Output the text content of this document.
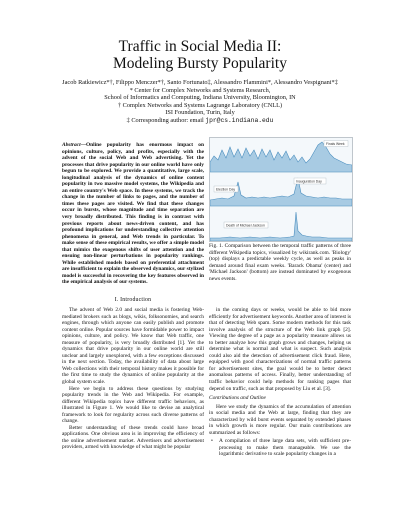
Traffic in Social Media II:
Modeling Bursty Popularity
Jacob Ratkiewicz*†, Filippo Menczer*†, Santo Fortunato‡, Alessandro Flammini*, Alessandro Vespignani*‡
* Center for Complex Networks and Systems Research,
School of Informatics and Computing, Indiana University, Bloomington, IN
† Complex Networks and Systems Lagrange Laboratory (CNLL)
ISI Foundation, Turin, Italy
‡ Corresponding author: email jpr@cs.indiana.edu
Abstract—Online popularity has enormous impact on opinions, culture, policy, and profits, especially with the advent of the social Web and Web advertising. Yet the processes that drive popularity in our online world have only begun to be explored. We provide a quantitative, large scale, longitudinal analysis of the dynamics of online content popularity in two massive model systems, the Wikipedia and an entire country's Web space. In these systems, we track the change in the number of links to pages, and the number of times these pages are visited. We find that these changes occur in bursts, whose magnitude and time separation are very broadly distributed. This finding is in contrast with previous reports about news-driven content, and has profound implications for understanding collective attention phenomena in general, and Web trends in particular. To make sense of these empirical results, we offer a simple model that mimics the exogenous shifts of user attention and the ensuing non-linear perturbations in popularity rankings. While established models based on preferential attachment are insufficient to explain the observed dynamics, our stylized model is successful in recovering the key features observed in the empirical analysis of our systems.
Finals Week
Election Day
Inauguration Day
Death of Michael Jackson
Fig. 1. Comparison between the temporal traffic patterns of three different Wikipedia topics, visualized by wikirank.com. 'Biology' (top) displays a predictable weekly cycle, as well as peaks in demand around final exam weeks. 'Barack Obama' (center) and 'Michael Jackson' (bottom) are instead dominated by exogenous news events.
I. Introduction

The advent of Web 2.0 and social media is fostering Web-mediated brokers such as blogs, wikis, folksonomies, and search engines, through which anyone can easily publish and promote content online. Popular sources have formidable power to impact opinions, culture, and policy. We know that Web traffic, one measure of popularity, is very broadly distributed [1]. Yet the dynamics that drive popularity in our online world are still unclear and largely unexplored, with a few exceptions discussed in the next section. Today, the availability of data about large Web collections with their temporal history makes it possible for the first time to study the dynamics of online popularity at the global system scale.

Here we begin to address these questions by studying popularity trends in the Web and Wikipedia. For example, different Wikipedia topics have different traffic behaviors, as illustrated in Figure 1. We would like to devise an analytical framework to look for regularity across such diverse patterns of change.

Better understanding of these trends could have broad applications. One obvious area is in improving the efficiency of the online advertisement market. Advertisers and advertisement providers, armed with knowledge of what might be popular

in the coming days or weeks, would be able to bid more efficiently for advertisement keywords. Another area of interest is that of detecting Web spam. Some modern methods for this task involve analysis of the structure of the Web link graph [2]. Viewing the degree of a page as a popularity measure allows us to better analyze how this graph grows and changes, helping us determine what is normal and what is suspect. Such analysis could also aid the detection of advertisement click fraud. Here, equipped with good characterizations of normal traffic patterns for advertisement sites, the goal would be to better detect anomalous patterns of access. Finally, better understanding of traffic behavior could help methods for ranking pages that depend on traffic, such as that proposed by Liu et al. [3].

Contributions and Outline

Here we study the dynamics of the accumulation of attention in social media and the Web at large, finding that they are characterized by wild burst events separated by extended phases in which growth is more regular. Our main contributions are summarized as follows:

• A compilation of three large data sets, with sufficient pre-processing to make them manageable. We use the logarithmic derivative to scale popularity changes in a
